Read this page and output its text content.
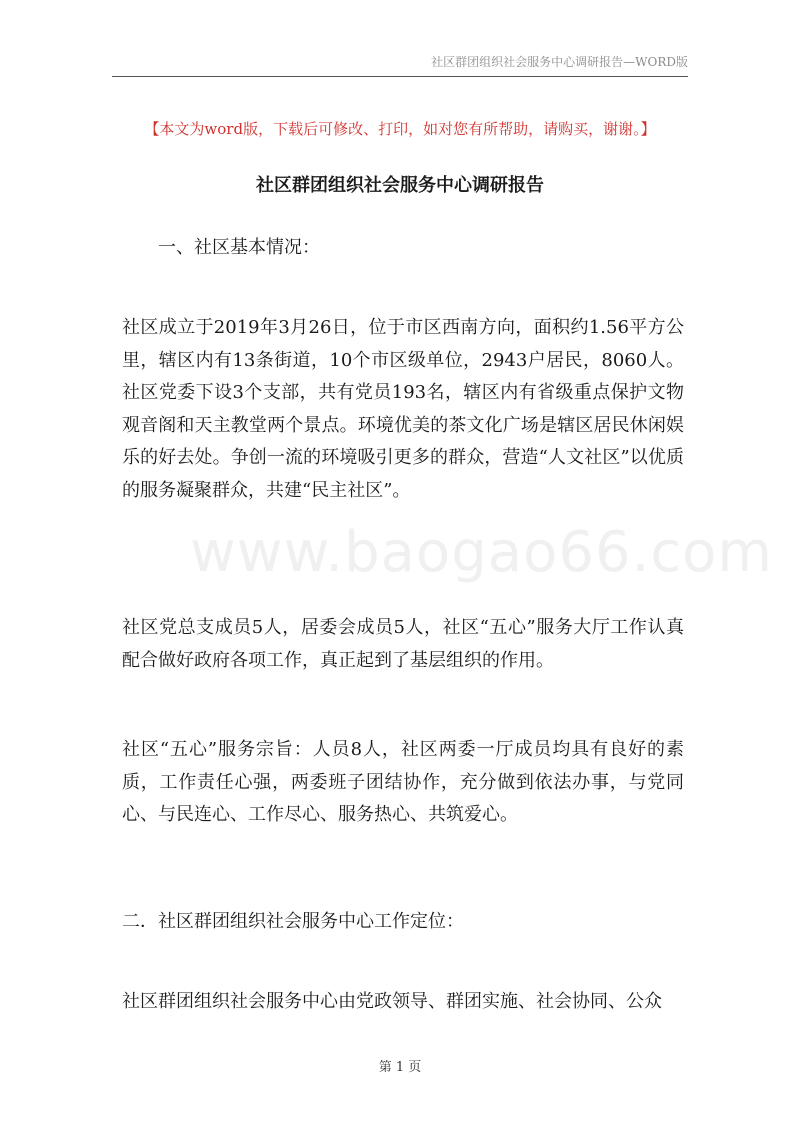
社区群团组织社会服务中心调研报告—WORD版
【本文为word版，下载后可修改、打印，如对您有所帮助，请购买，谢谢。】
社区群团组织社会服务中心调研报告
一、社区基本情况：
社区成立于2019年3月26日，位于市区西南方向，面积约1.56平方公里，辖区内有13条街道，10个市区级单位，2943户居民，8060人。社区党委下设3个支部，共有党员193名，辖区内有省级重点保护文物观音阁和天主教堂两个景点。环境优美的茶文化广场是辖区居民休闲娱乐的好去处。争创一流的环境吸引更多的群众，营造“人文社区”以优质的服务凝聚群众，共建“民主社区”。
www.baogao66.com
社区党总支成员5人，居委会成员5人，社区“五心”服务大厅工作认真配合做好政府各项工作，真正起到了基层组织的作用。
社区“五心”服务宗旨：人员8人，社区两委一厅成员均具有良好的素质，工作责任心强，两委班子团结协作，充分做到依法办事，与党同心、与民连心、工作尽心、服务热心、共筑爱心。
二．社区群团组织社会服务中心工作定位：
社区群团组织社会服务中心由党政领导、群团实施、社会协同、公众
第 1 页
